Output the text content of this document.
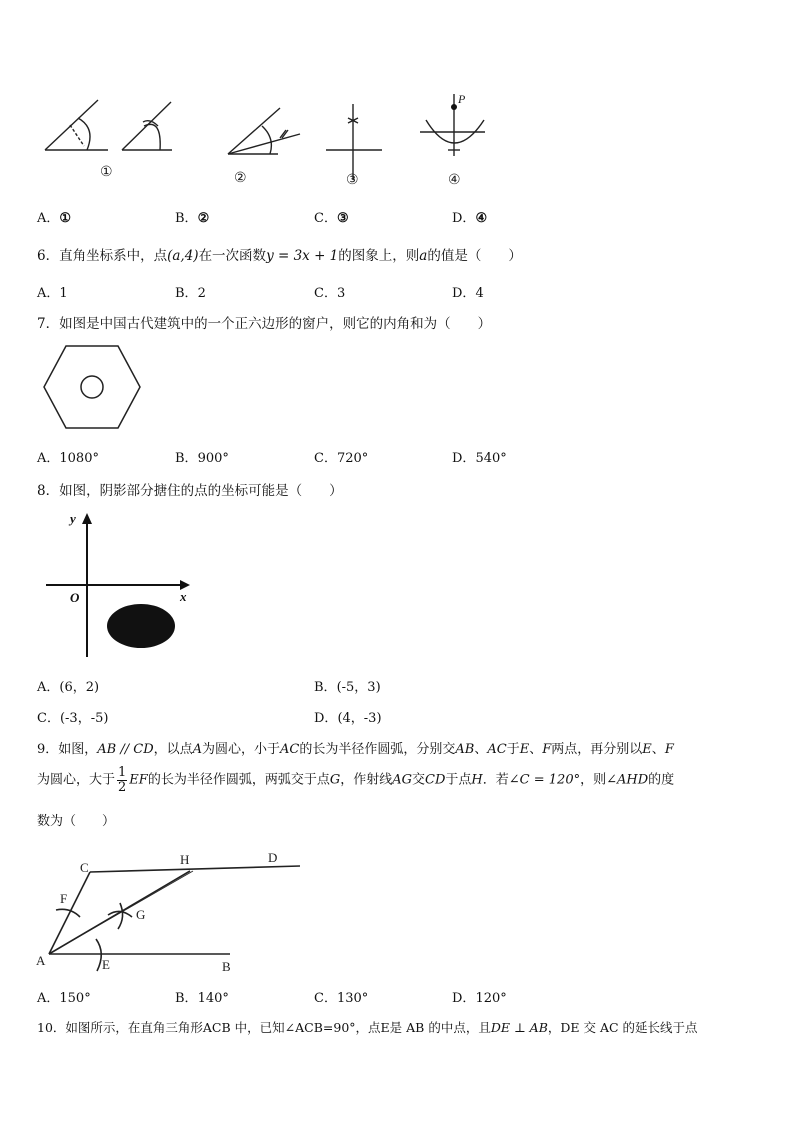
①	②	③
P
④
A．①	B．②	C．③	D．④
6．直角坐标系中，点(a,4)在一次函数y = 3x + 1的图象上，则a的值是（　　）
A．1	B．2	C．3	D．4
7．如图是中国古代建筑中的一个正六边形的窗户，则它的内角和为（　　）
A．1080°	B．900°	C．720°	D．540°
8．如图，阴影部分搪住的点的坐标可能是（　　）
y
x
O
A．(6，2)	B．(-5，3)
C．(-3，-5)	D．(4，-3)
9．如图，AB // CD，以点A为圆心，小于AC的长为半径作圆弧，分别交AB、AC于E、F两点，再分别以E、F
为圆心，大于 $\frac{1}{2}$ EF的长为半径作圆弧，两弧交于点G，作射线AG交CD于点H．若∠C = 120°，则∠AHD的度
数为（　　）
C
H	D
F
G
A	E	B
A．150°	B．140°	C．130°	D．120°
10．如图所示，在直角三角形ACB 中，已知∠ACB=90°，点E是 AB 的中点，且DE ⊥ AB，DE 交 AC 的延长线于点
